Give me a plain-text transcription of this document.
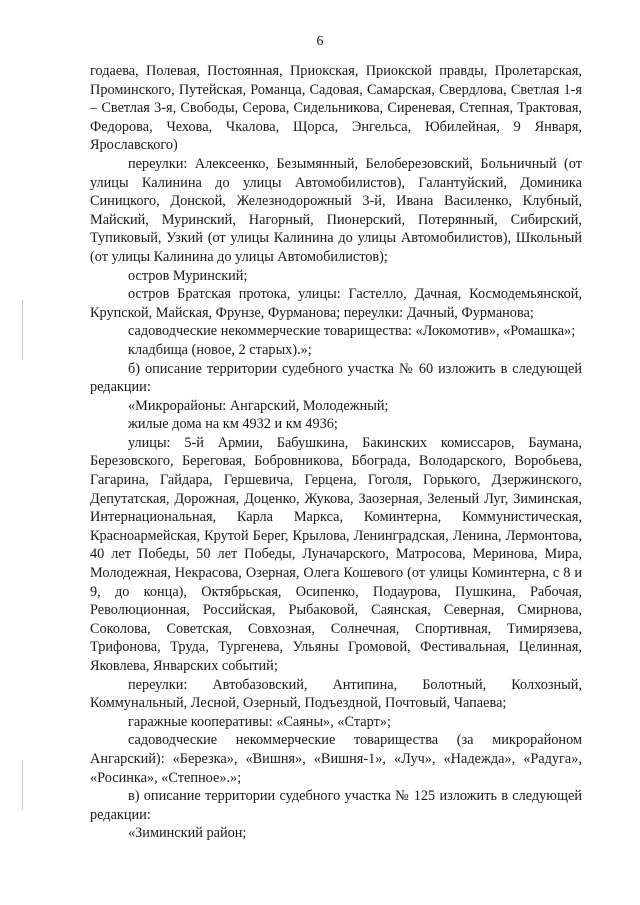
6

годаева, Полевая, Постоянная, Приокская, Приокской правды, Пролетарская, Проминского, Путейская, Романца, Садовая, Самарская, Свердлова, Светлая 1-я – Светлая 3-я, Свободы, Серова, Сидельникова, Сиреневая, Степная, Трактовая, Федорова, Чехова, Чкалова, Щорса, Энгельса, Юбилейная, 9 Января, Ярославского)

переулки: Алексеенко, Безымянный, Белоберезовский, Больничный (от улицы Калинина до улицы Автомобилистов), Галантуйский, Доминика Синицкого, Донской, Железнодорожный 3-й, Ивана Василенко, Клубный, Майский, Муринский, Нагорный, Пионерский, Потерянный, Сибирский, Тупиковый, Узкий (от улицы Калинина до улицы Автомобилистов), Школьный (от улицы Калинина до улицы Автомобилистов);

остров Муринский;

остров Братская протока, улицы: Гастелло, Дачная, Космодемьянской, Крупской, Майская, Фрунзе, Фурманова; переулки: Дачный, Фурманова;

садоводческие некоммерческие товарищества: «Локомотив», «Ромашка»;

кладбища (новое, 2 старых).»;

б) описание территории судебного участка № 60 изложить в следующей редакции:

«Микрорайоны: Ангарский, Молодежный;

жилые дома на км 4932 и км 4936;

улицы: 5-й Армии, Бабушкина, Бакинских комиссаров, Баумана, Березовского, Береговая, Бобровникова, Ббограда, Володарского, Воробьева, Гагарина, Гайдара, Гершевича, Герцена, Гоголя, Горького, Дзержинского, Депутатская, Дорожная, Доценко, Жукова, Заозерная, Зеленый Луг, Зиминская, Интернациональная, Карла Маркса, Коминтерна, Коммунистическая, Красноармейская, Крутой Берег, Крылова, Ленинградская, Ленина, Лермонтова, 40 лет Победы, 50 лет Победы, Луначарского, Матросова, Меринова, Мира, Молодежная, Некрасова, Озерная, Олега Кошевого (от улицы Коминтерна, с 8 и 9, до конца), Октябрьская, Осипенко, Подаурова, Пушкина, Рабочая, Революционная, Российская, Рыбаковой, Саянская, Северная, Смирнова, Соколова, Советская, Совхозная, Солнечная, Спортивная, Тимирязева, Трифонова, Труда, Тургенева, Ульяны Громовой, Фестивальная, Целинная, Яковлева, Январских событий;

переулки: Автобазовский, Антипина, Болотный, Колхозный, Коммунальный, Лесной, Озерный, Подъездной, Почтовый, Чапаева;

гаражные кооперативы: «Саяны», «Старт»;

садоводческие некоммерческие товарищества (за микрорайоном Ангарский): «Березка», «Вишня», «Вишня-1», «Луч», «Надежда», «Радуга», «Росинка», «Степное».»;

в) описание территории судебного участка № 125 изложить в следующей редакции:

«Зиминский район;
